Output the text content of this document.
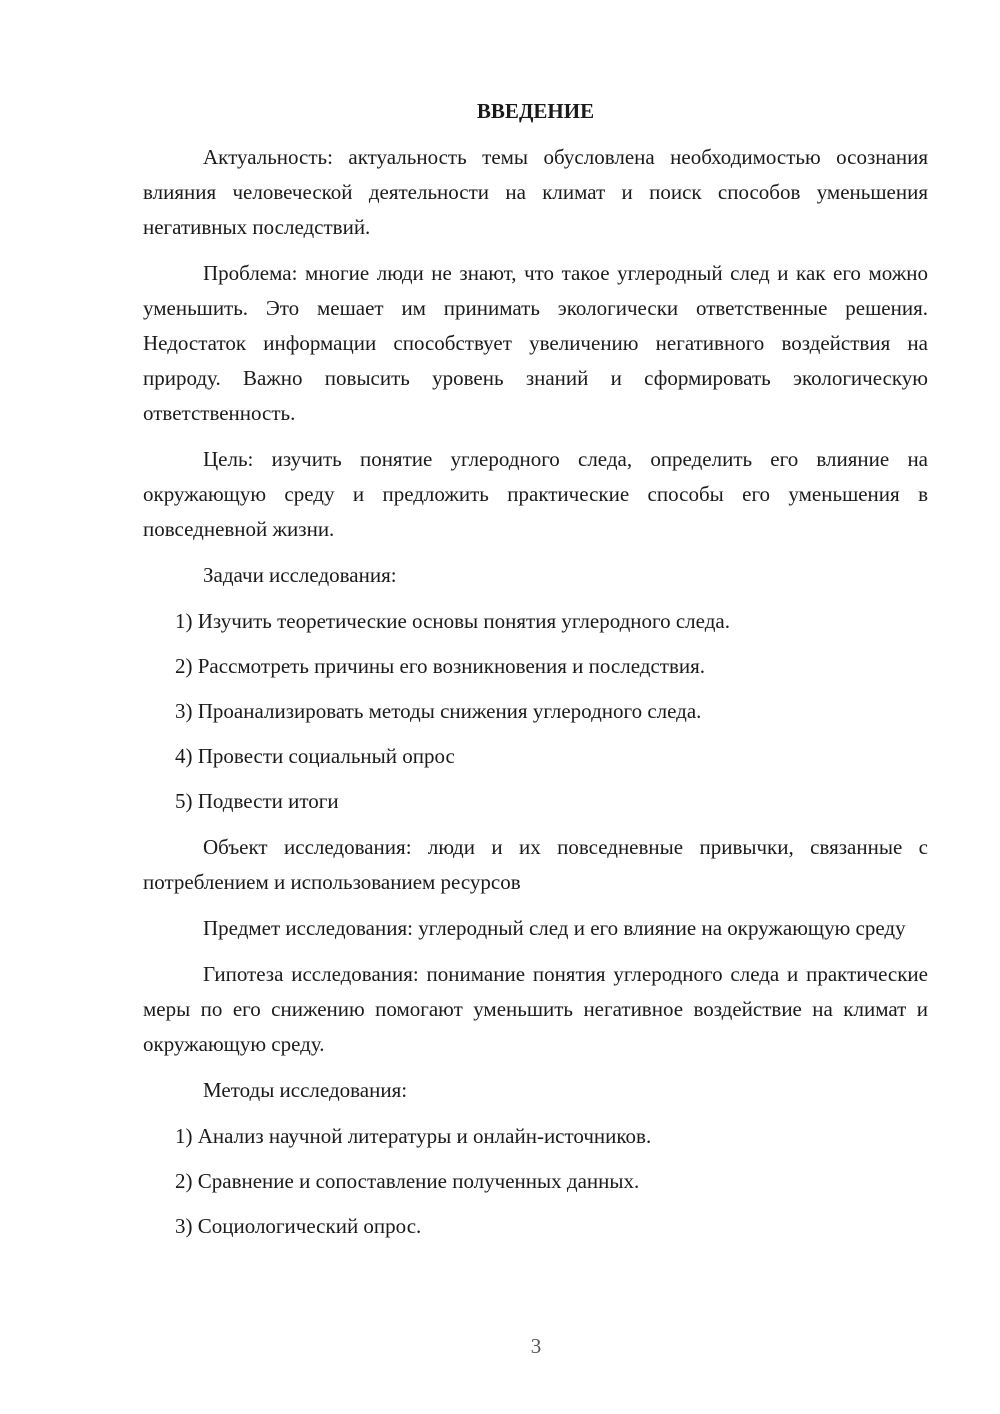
ВВЕДЕНИЕ

Актуальность: актуальность темы обусловлена необходимостью осознания влияния человеческой деятельности на климат и поиск способов уменьшения негативных последствий.

Проблема: многие люди не знают, что такое углеродный след и как его можно уменьшить. Это мешает им принимать экологически ответственные решения. Недостаток информации способствует увеличению негативного воздействия на природу. Важно повысить уровень знаний и сформировать экологическую ответственность.

Цель: изучить понятие углеродного следа, определить его влияние на окружающую среду и предложить практические способы его уменьшения в повседневной жизни.

Задачи исследования:

1) Изучить теоретические основы понятия углеродного следа.
2) Рассмотреть причины его возникновения и последствия.
3) Проанализировать методы снижения углеродного следа.
4) Провести социальный опрос
5) Подвести итоги

Объект исследования: люди и их повседневные привычки, связанные с потреблением и использованием ресурсов

Предмет исследования: углеродный след и его влияние на окружающую среду

Гипотеза исследования: понимание понятия углеродного следа и практические меры по его снижению помогают уменьшить негативное воздействие на климат и окружающую среду.

Методы исследования:

1) Анализ научной литературы и онлайн-источников.
2) Сравнение и сопоставление полученных данных.
3) Социологический опрос.
3
